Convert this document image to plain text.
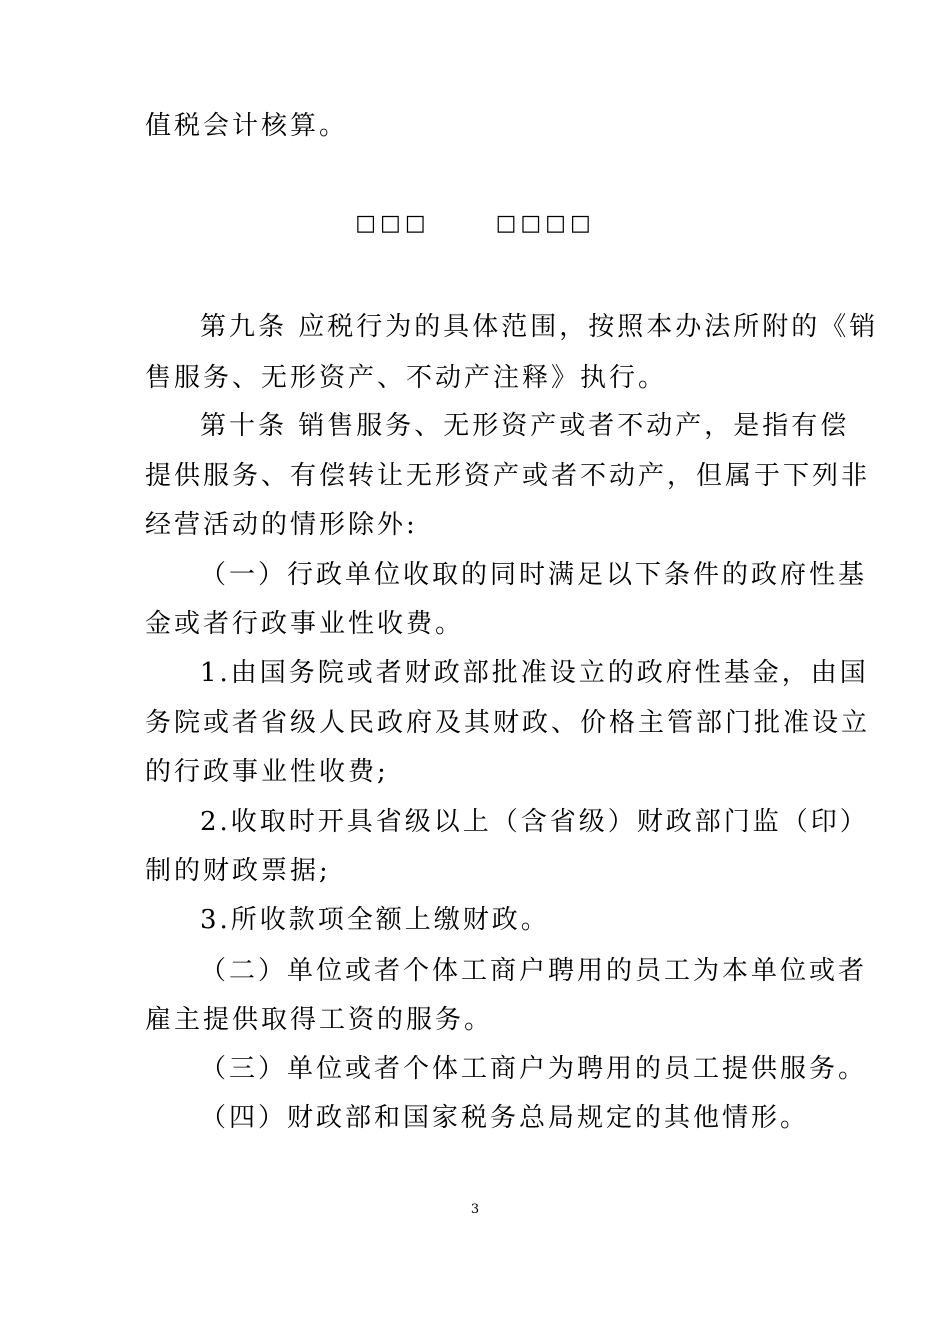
值税会计核算。
□□□      □□□□
第九条 应税行为的具体范围，按照本办法所附的《销
售服务、无形资产、不动产注释》执行。
第十条 销售服务、无形资产或者不动产，是指有偿
提供服务、有偿转让无形资产或者不动产，但属于下列非
经营活动的情形除外:
（一）行政单位收取的同时满足以下条件的政府性基
金或者行政事业性收费。
1.由国务院或者财政部批准设立的政府性基金，由国
务院或者省级人民政府及其财政、价格主管部门批准设立
的行政事业性收费;
2.收取时开具省级以上（含省级）财政部门监（印）
制的财政票据;
3.所收款项全额上缴财政。
（二）单位或者个体工商户聘用的员工为本单位或者
雇主提供取得工资的服务。
（三）单位或者个体工商户为聘用的员工提供服务。
（四）财政部和国家税务总局规定的其他情形。
3
